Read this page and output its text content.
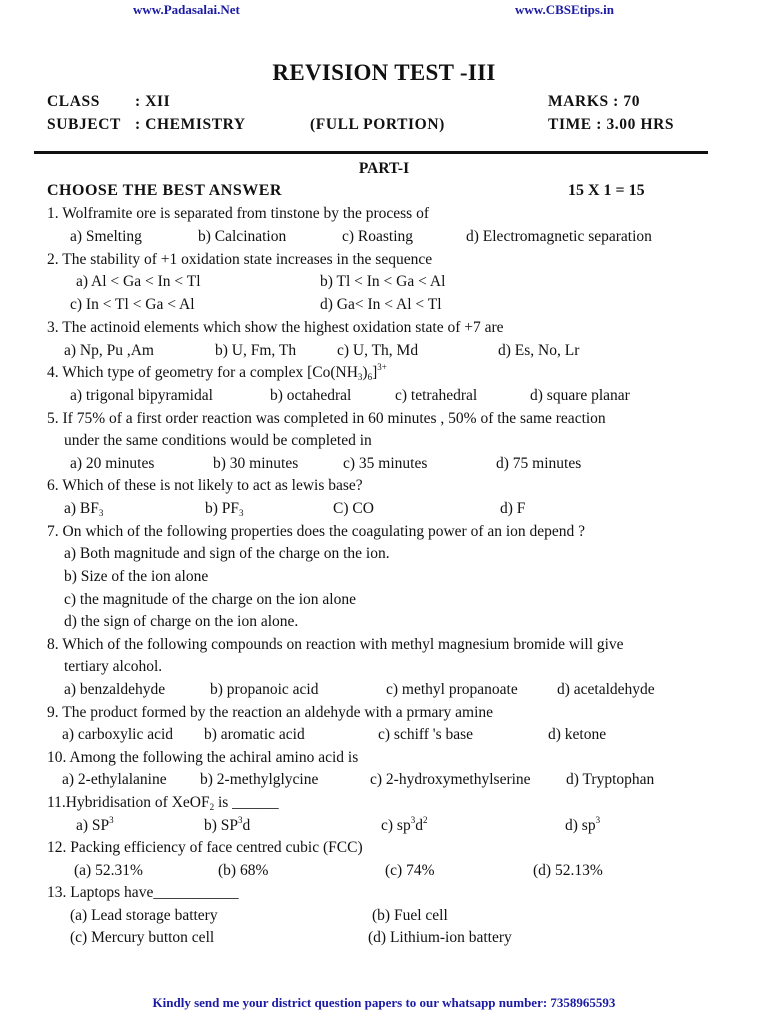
www.Padasalai.Net	www.CBSEtips.in
REVISION TEST -III
CLASS : XII
SUBJECT : CHEMISTRY	(FULL PORTION)
MARKS : 70
TIME : 3.00 HRS
PART-I
CHOOSE THE BEST ANSWER	15 X 1 = 15
1. Wolframite ore is separated from tinstone by the process of
a) Smelting	b) Calcination	c) Roasting	d) Electromagnetic separation
2. The stability of +1 oxidation state increases in the sequence
a) Al < Ga < In < Tl	b) Tl < In < Ga < Al
c) In < Tl < Ga < Al	d) Ga< In < Al < Tl
3. The actinoid elements which show the highest oxidation state of +7 are
a) Np, Pu ,Am	b) U, Fm, Th	c) U, Th, Md	d) Es, No, Lr
4. Which type of geometry for a complex $[Co(NH_3)_6]^{3+}$
a) trigonal bipyramidal	b) octahedral	c) tetrahedral	d) square planar
5. If 75% of a first order reaction was completed in 60 minutes , 50% of the same reaction
under the same conditions would be completed in
a) 20 minutes	b) 30 minutes	c) 35 minutes	d) 75 minutes
6. Which of these is not likely to act as lewis base?
a) $BF_3$	b) $PF_3$	C) CO	d) F
7. On which of the following properties does the coagulating power of an ion depend ?
a) Both magnitude and sign of the charge on the ion.
b) Size of the ion alone
c) the magnitude of the charge on the ion alone
d) the sign of charge on the ion alone.
8. Which of the following compounds on reaction with methyl magnesium bromide will give
tertiary alcohol.
a) benzaldehyde	b) propanoic acid	c) methyl propanoate	d) acetaldehyde
9. The product formed by the reaction an aldehyde with a prmary amine
a) carboxylic acid b) aromatic acid	c) schiff 's base	d) ketone
10. Among the following the achiral amino acid is
a) 2-ethylalanine b) 2-methylglycine	c) 2-hydroxymethylserine d) Tryptophan
11.Hybridisation of XeOF$_2$ is ______
a) $SP^3$	b) $SP^3d$	c) $sp^3d^2$	d) $sp^3$
12. Packing efficiency of face centred cubic (FCC)
(a) 52.31%	(b) 68%	(c) 74%	(d) 52.13%
13. Laptops have___________
(a) Lead storage battery	(b) Fuel cell
(c) Mercury button cell	(d) Lithium-ion battery
Kindly send me your district question papers to our whatsapp number: 7358965593
